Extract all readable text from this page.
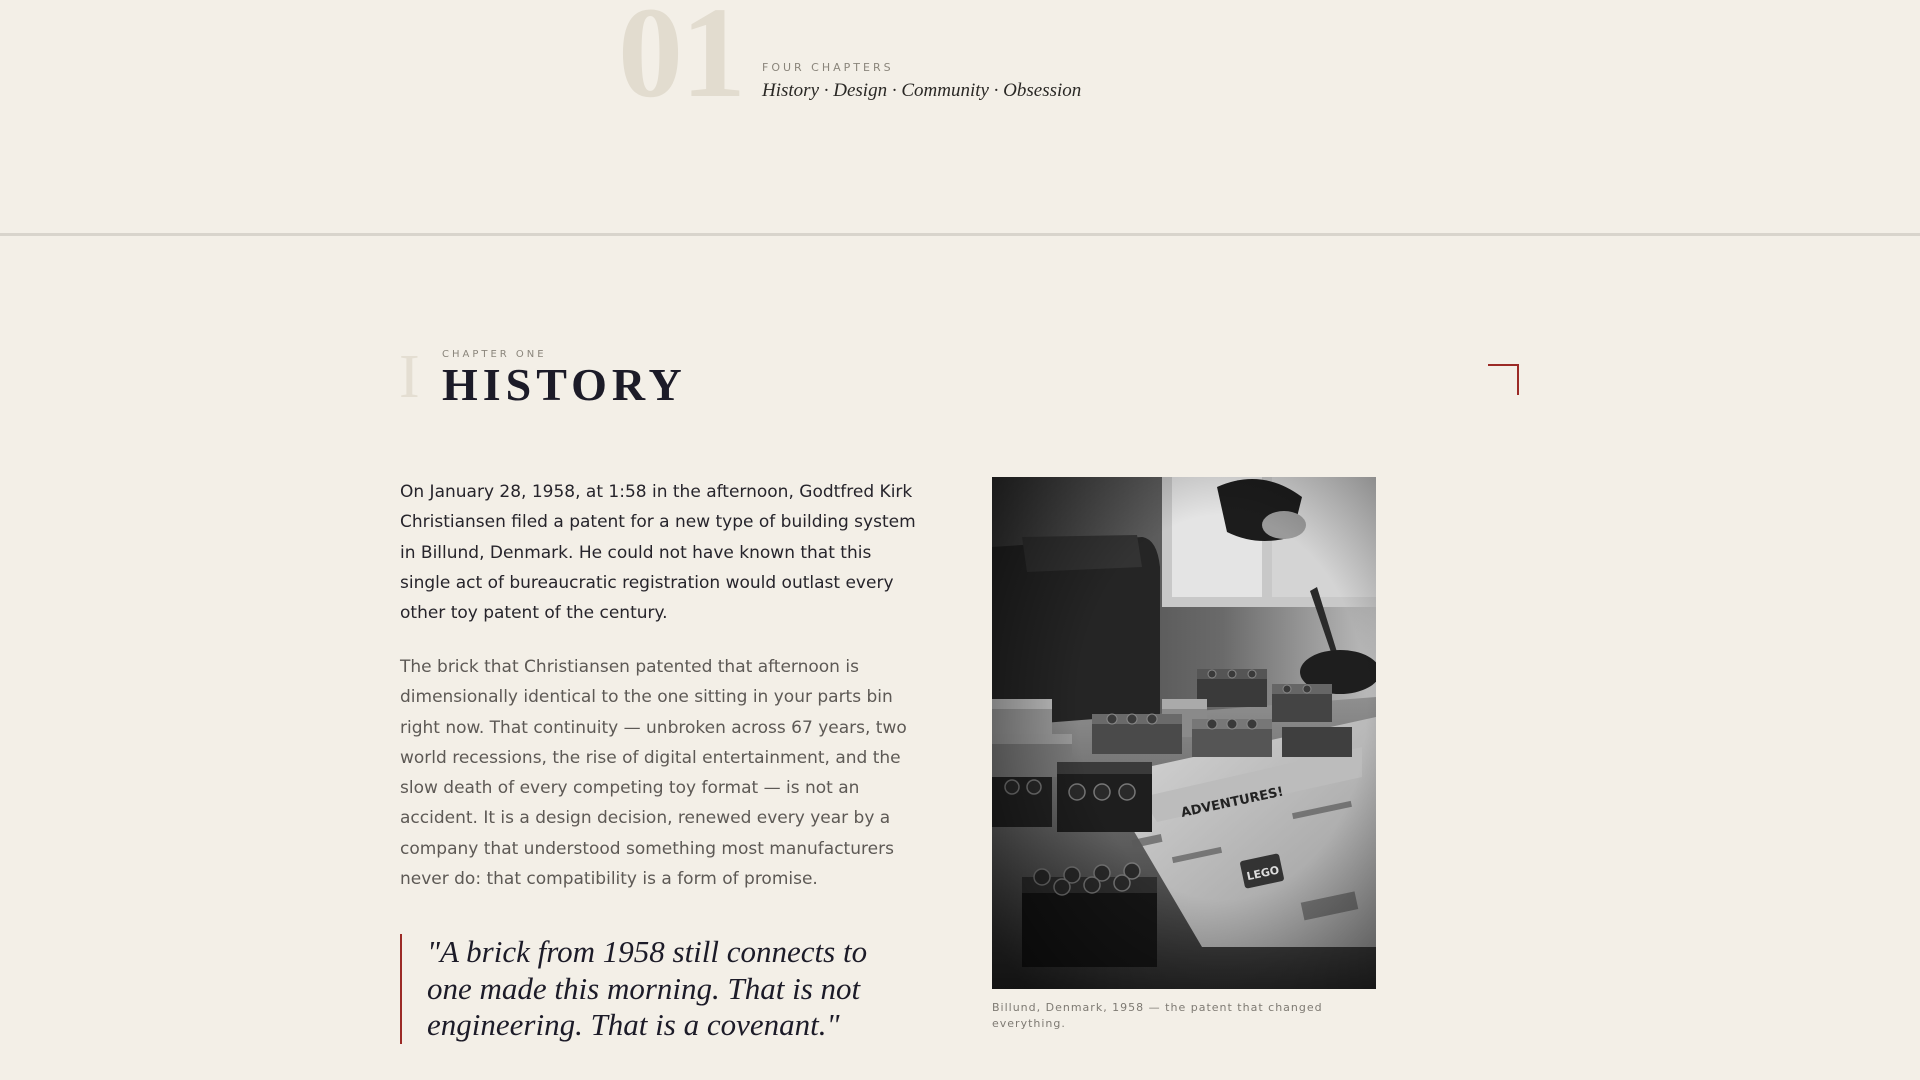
01 FOUR CHAPTERS
History · Design · Community · Obsession
I CHAPTER ONE
HISTORY

On January 28, 1958, at 1:58 in the afternoon, Godtfred Kirk Christiansen filed a patent for a new type of building system in Billund, Denmark. He could not have known that this single act of bureaucratic registration would outlast every other toy patent of the century.

The brick that Christiansen patented that afternoon is dimensionally identical to the one sitting in your parts bin right now. That continuity — unbroken across 67 years, two world recessions, the rise of digital entertainment, and the slow death of every competing toy format — is not an accident. It is a design decision, renewed every year by a company that understood something most manufacturers never do: that compatibility is a form of promise.

"A brick from 1958 still connects to one made this morning. That is not engineering. That is a covenant."	Billund, Denmark, 1958 — the patent that changed everything.
